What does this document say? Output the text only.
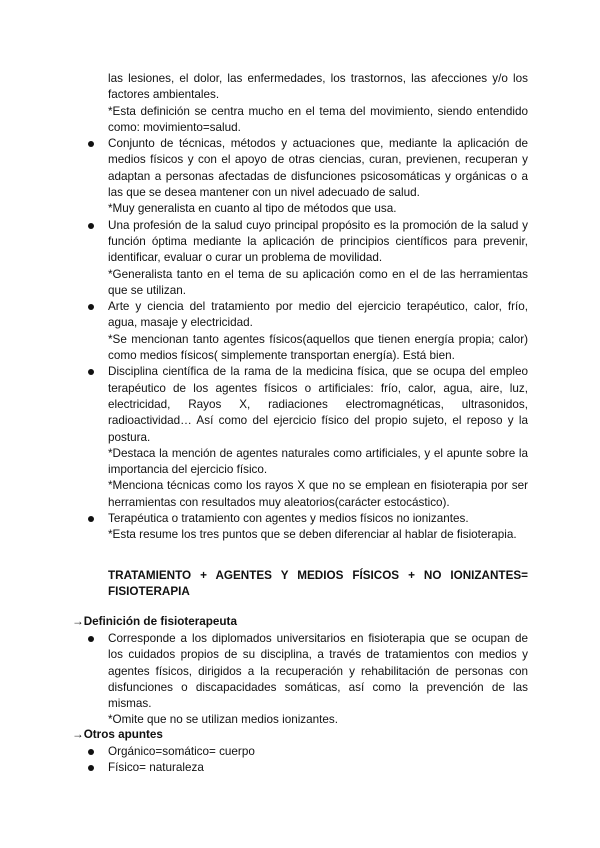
las lesiones, el dolor, las enfermedades, los trastornos, las afecciones y/o los factores ambientales.

*Esta definición se centra mucho en el tema del movimiento, siendo entendido como: movimiento=salud.

Conjunto de técnicas, métodos y actuaciones que, mediante la aplicación de medios físicos y con el apoyo de otras ciencias, curan, previenen, recuperan y adaptan a personas afectadas de disfunciones psicosomáticas y orgánicas o a las que se desea mantener con un nivel adecuado de salud.

*Muy generalista en cuanto al tipo de métodos que usa.

Una profesión de la salud cuyo principal propósito es la promoción de la salud y función óptima mediante la aplicación de principios científicos para prevenir, identificar, evaluar o curar un problema de movilidad.

*Generalista tanto en el tema de su aplicación como en el de las herramientas que se utilizan.

Arte y ciencia del tratamiento por medio del ejercicio terapéutico, calor, frío, agua, masaje y electricidad.

*Se mencionan tanto agentes físicos(aquellos que tienen energía propia; calor) como medios físicos( simplemente transportan energía). Está bien.

Disciplina científica de la rama de la medicina física, que se ocupa del empleo terapéutico de los agentes físicos o artificiales: frío, calor, agua, aire, luz, electricidad, Rayos X, radiaciones electromagnéticas, ultrasonidos, radioactividad… Así como del ejercicio físico del propio sujeto, el reposo y la postura.

*Destaca la mención de agentes naturales como artificiales, y el apunte sobre la importancia del ejercicio físico.

*Menciona técnicas como los rayos X que no se emplean en fisioterapia por ser herramientas con resultados muy aleatorios(carácter estocástico).

Terapéutica o tratamiento con agentes y medios físicos no ionizantes.

*Esta resume los tres puntos que se deben diferenciar al hablar de fisioterapia.

TRATAMIENTO + AGENTES Y MEDIOS FÍSICOS + NO IONIZANTES= FISIOTERAPIA

→Definición de fisioterapeuta

Corresponde a los diplomados universitarios en fisioterapia que se ocupan de los cuidados propios de su disciplina, a través de tratamientos con medios y agentes físicos, dirigidos a la recuperación y rehabilitación de personas con disfunciones o discapacidades somáticas, así como la prevención de las mismas.

*Omite que no se utilizan medios ionizantes.

→Otros apuntes

Orgánico=somático= cuerpo

Físico= naturaleza
